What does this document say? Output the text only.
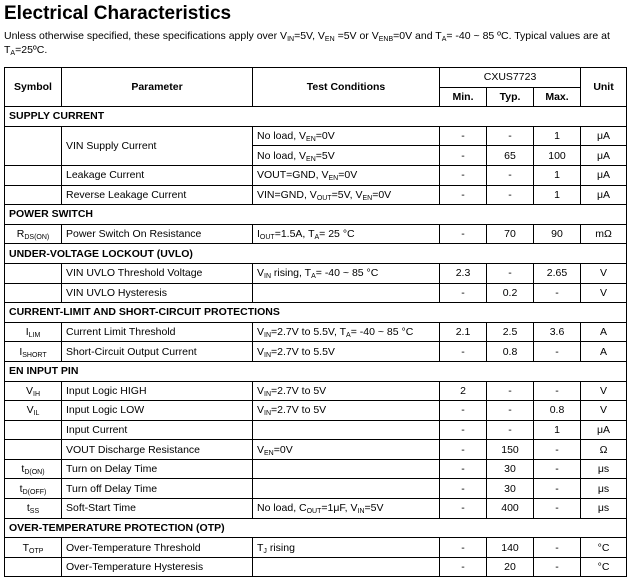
Electrical Characteristics
Unless otherwise specified, these specifications apply over $V_{IN}=5V$, $V_{EN} =5V$ or $V_{ENB}=0V$ and $T_A= -40$ ~ 85 ºC. Typical values are at $T_A=25ºC$.
Symbol	Parameter	Test Conditions	CXUS7723			Unit
			Min.	Typ.	Max.	
SUPPLY CURRENT						
	VIN Supply Current	No load, $V_{EN}=0V$	-	-	1	μA
		No load, $V_{EN}=5V$	-	65	100	μA
	Leakage Current	VOUT=GND, $V_{EN}=0V$	-	-	1	μA
	Reverse Leakage Current	VIN=GND, $V_{OUT}=5V$, $V_{EN}=0V$	-	-	1	μA
POWER SWITCH						
$R_{DS(ON)}$	Power Switch On Resistance	$I_{OUT}=1.5A$, $T_A= 25$ °C	-	70	90	mΩ
UNDER-VOLTAGE LOCKOUT (UVLO)						
	VIN UVLO Threshold Voltage	$V_{IN}$ rising, $T_A= -40$ ~ 85 °C	2.3	-	2.65	V
	VIN UVLO Hysteresis		-	0.2	-	V
CURRENT-LIMIT AND SHORT-CIRCUIT PROTECTIONS						
$I_{LIM}$	Current Limit Threshold	$V_{IN}=2.7V$ to 5.5V, $T_A= -40$ ~ 85 °C	2.1	2.5	3.6	A
$I_{SHORT}$	Short-Circuit Output Current	$V_{IN}=2.7V$ to 5.5V	-	0.8	-	A
EN INPUT PIN						
$V_{IH}$	Input Logic HIGH	$V_{IN}=2.7V$ to 5V	2	-	-	V
$V_{IL}$	Input Logic LOW	$V_{IN}=2.7V$ to 5V	-	-	0.8	V
	Input Current		-	-	1	μA
	VOUT Discharge Resistance	$V_{EN}=0V$	-	150	-	Ω
$t_{D(ON)}$	Turn on Delay Time		-	30	-	μs
$t_{D(OFF)}$	Turn off Delay Time		-	30	-	μs
$t_{SS}$	Soft-Start Time	No load, $C_{OUT}=1\mu F$, $V_{IN}=5V$	-	400	-	μs
OVER-TEMPERATURE PROTECTION (OTP)						
$T_{OTP}$	Over-Temperature Threshold	$T_J$ rising	-	140	-	°C
	Over-Temperature Hysteresis		-	20	-	°C
